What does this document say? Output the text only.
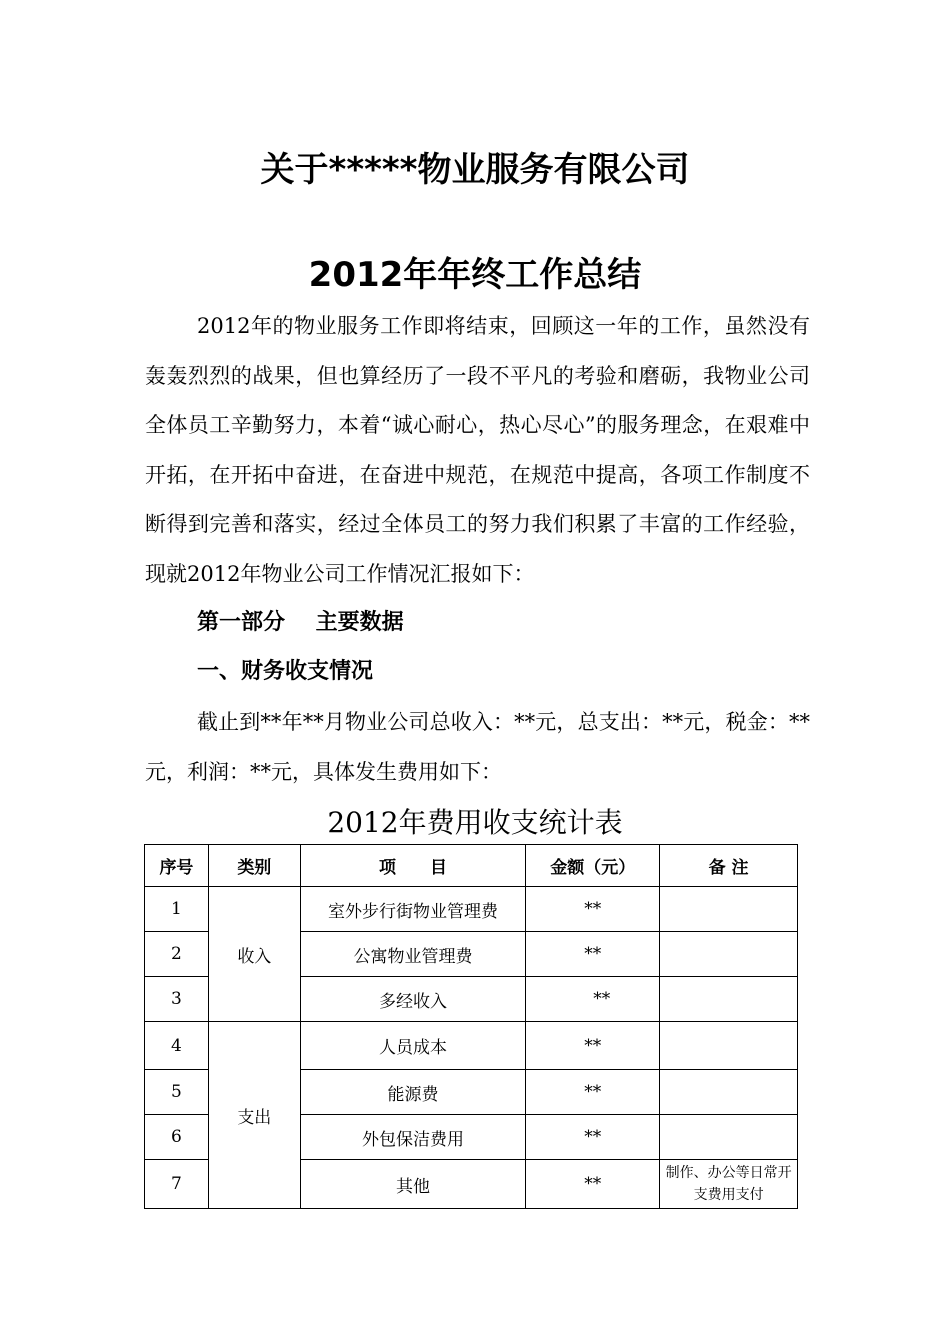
关于*****物业服务有限公司
2012年年终工作总结

2012年的物业服务工作即将结束，回顾这一年的工作，虽然没有轰轰烈烈的战果，但也算经历了一段不平凡的考验和磨砺，我物业公司全体员工辛勤努力，本着“诚心耐心，热心尽心”的服务理念，在艰难中开拓，在开拓中奋进，在奋进中规范，在规范中提高，各项工作制度不断得到完善和落实，经过全体员工的努力我们积累了丰富的工作经验，现就2012年物业公司工作情况汇报如下：

第一部分    主要数据
一、财务收支情况

截止到**年**月物业公司总收入：**元，总支出：**元，税金：**元，利润：**元，具体发生费用如下：

2012年费用收支统计表
序号	类别	项　　目	金额（元）	备 注
1	收入	室外步行街物业管理费	**	
2		公寓物业管理费	**	
3		多经收入	**	
4	支出	人员成本	**	
5		能源费	**	
6		外包保洁费用	**	
7		其他	**	制作、办公等日常开支费用支付
